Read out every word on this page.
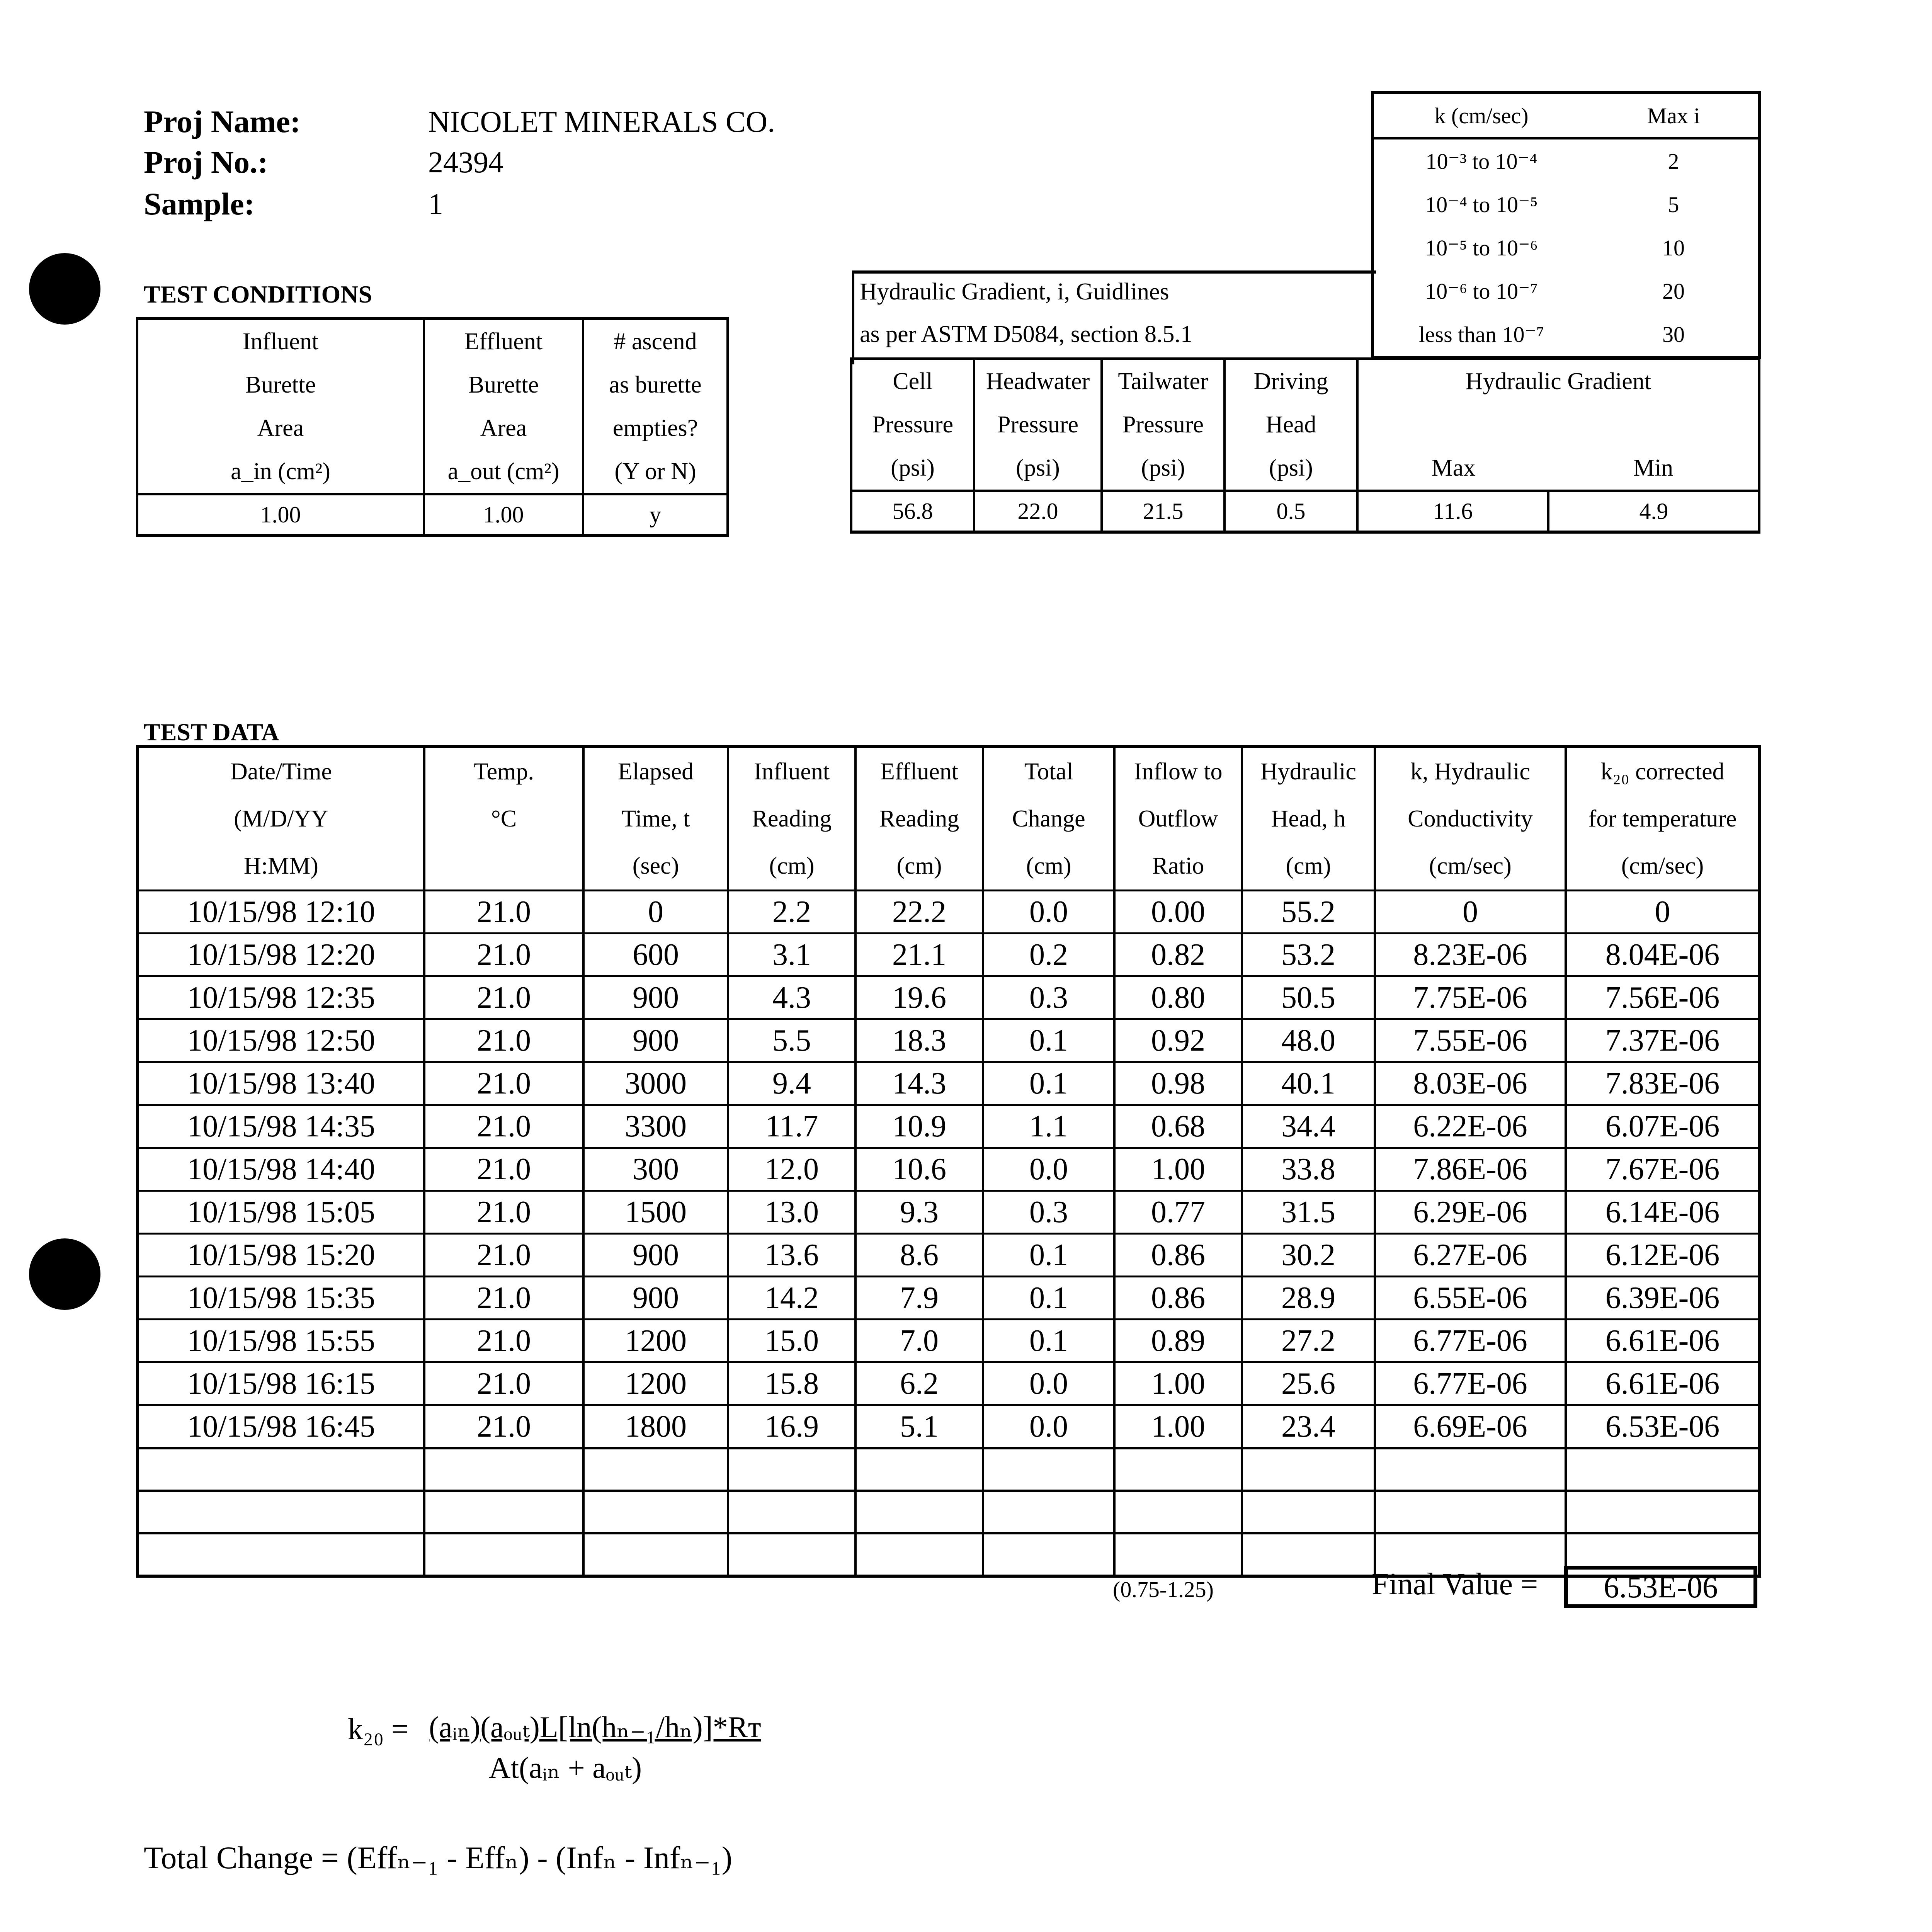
Proj Name:	NICOLET MINERALS CO.
Proj No.:	24394
Sample:	1
TEST CONDITIONS
Influent	Effluent	# ascend
Burette	Burette	as burette
Area	Area	empties?
a_in (cm²)	a_out (cm²)	(Y or N)
1.00	1.00	y
k (cm/sec)	Max i
10⁻³ to 10⁻⁴	2
10⁻⁴ to 10⁻⁵	5
10⁻⁵ to 10⁻⁶	10
10⁻⁶ to 10⁻⁷	20
less than 10⁻⁷	30
Hydraulic Gradient, i, Guidlines
as per ASTM D5084, section 8.5.1
Cell	Headwater	Tailwater	Driving	Hydraulic Gradient	
Pressure	Pressure	Pressure	Head		
(psi)	(psi)	(psi)	(psi)	Max	Min
56.8	22.0	21.5	0.5	11.6	4.9
TEST DATA
Date/Time	Temp.	Elapsed	Influent	Effluent	Total	Inflow to	Hydraulic	k, Hydraulic	k₂₀ corrected
(M/D/YY	°C	Time, t	Reading	Reading	Change	Outflow	Head, h	Conductivity	for temperature
H:MM)		(sec)	(cm)	(cm)	(cm)	Ratio	(cm)	(cm/sec)	(cm/sec)
10/15/98 12:10	21.0	0	2.2	22.2	0.0	0.00	55.2	0	0
10/15/98 12:20	21.0	600	3.1	21.1	0.2	0.82	53.2	8.23E-06	8.04E-06
10/15/98 12:35	21.0	900	4.3	19.6	0.3	0.80	50.5	7.75E-06	7.56E-06
10/15/98 12:50	21.0	900	5.5	18.3	0.1	0.92	48.0	7.55E-06	7.37E-06
10/15/98 13:40	21.0	3000	9.4	14.3	0.1	0.98	40.1	8.03E-06	7.83E-06
10/15/98 14:35	21.0	3300	11.7	10.9	1.1	0.68	34.4	6.22E-06	6.07E-06
10/15/98 14:40	21.0	300	12.0	10.6	0.0	1.00	33.8	7.86E-06	7.67E-06
10/15/98 15:05	21.0	1500	13.0	9.3	0.3	0.77	31.5	6.29E-06	6.14E-06
10/15/98 15:20	21.0	900	13.6	8.6	0.1	0.86	30.2	6.27E-06	6.12E-06
10/15/98 15:35	21.0	900	14.2	7.9	0.1	0.86	28.9	6.55E-06	6.39E-06
10/15/98 15:55	21.0	1200	15.0	7.0	0.1	0.89	27.2	6.77E-06	6.61E-06
10/15/98 16:15	21.0	1200	15.8	6.2	0.0	1.00	25.6	6.77E-06	6.61E-06
10/15/98 16:45	21.0	1800	16.9	5.1	0.0	1.00	23.4	6.69E-06	6.53E-06

(0.75-1.25)	Final Value =	6.53E-06
k₂₀ = (aᵢₙ)(aₒᵤₜ)L[ln(hₙ₋₁/hₙ)]*Rᴛ
At(aᵢₙ + aₒᵤₜ)
Total Change = (Effₙ₋₁ - Effₙ) - (Infₙ - Infₙ₋₁)
